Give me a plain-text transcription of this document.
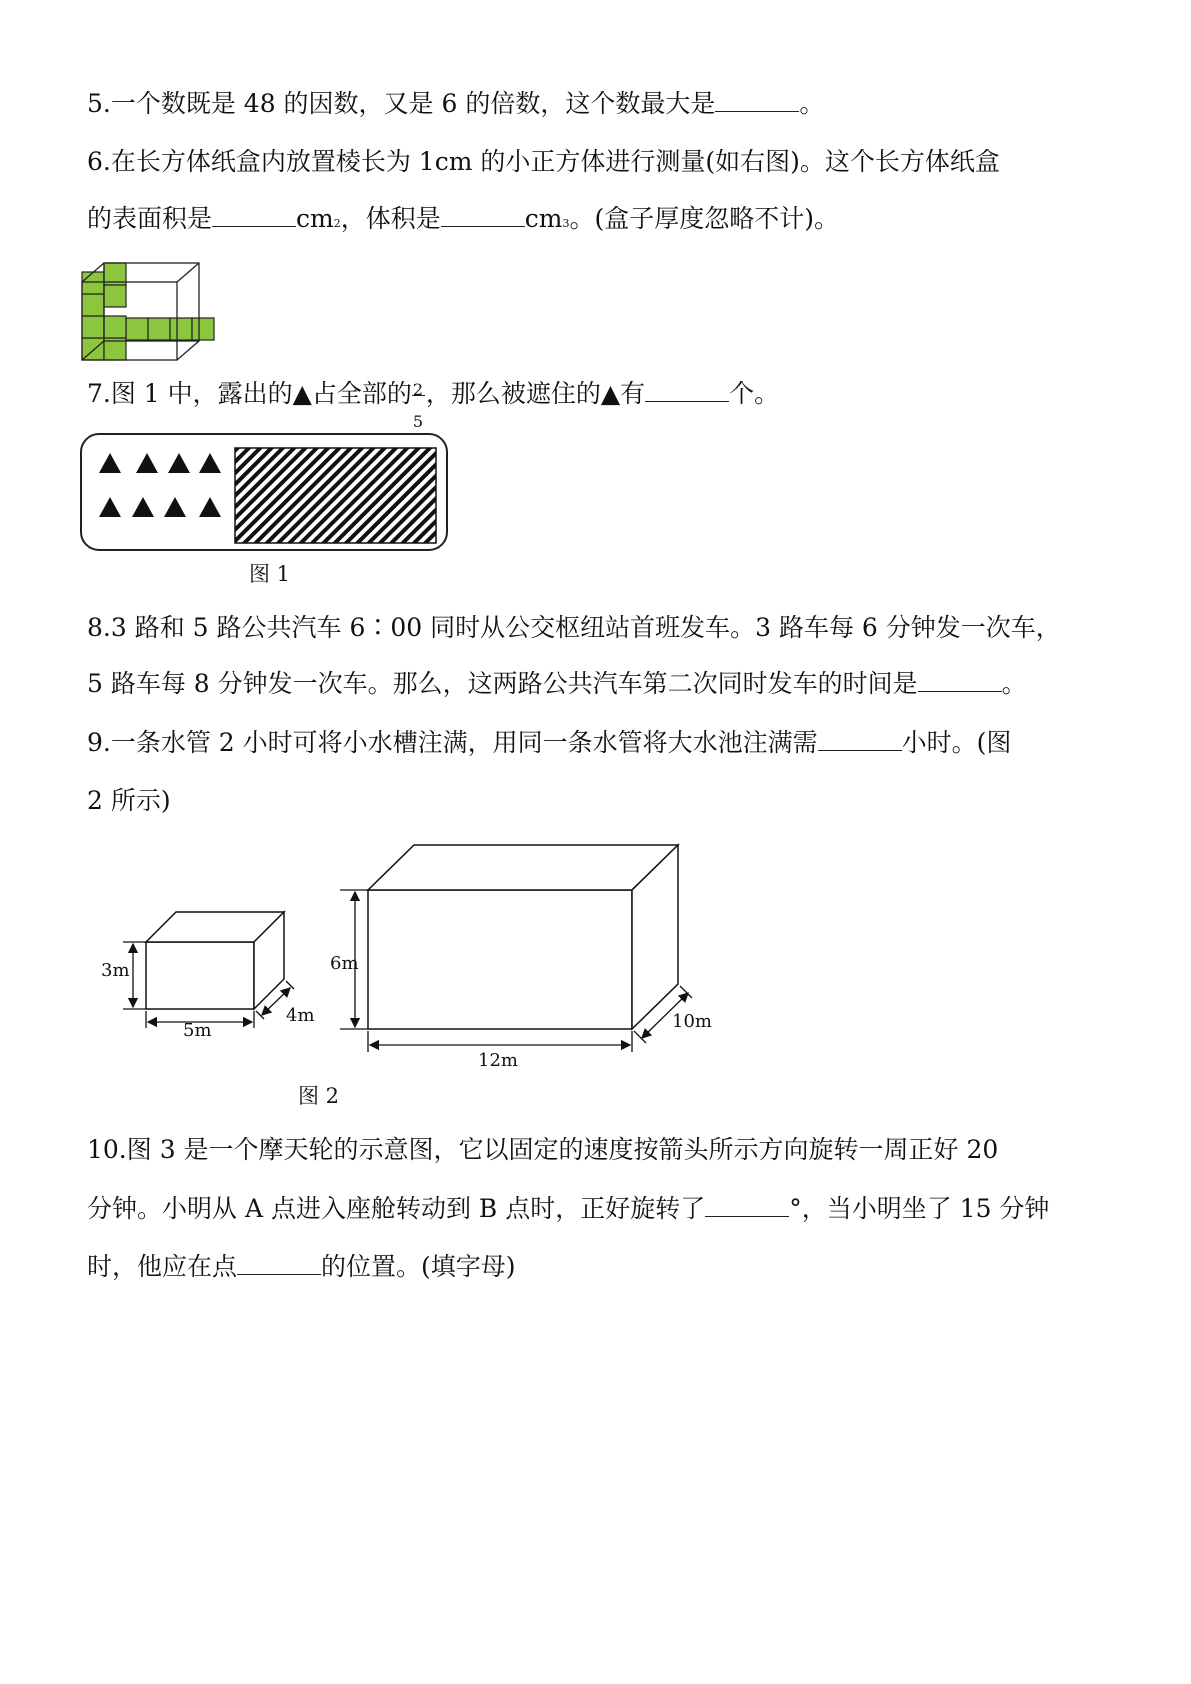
5.一个数既是 48 的因数，又是 6 的倍数，这个数最大是	。
6.在长方体纸盒内放置棱长为 1cm 的小正方体进行测量(如右图)。这个长方体纸盒
的表面积是	cm2，体积是	cm3。(盒子厚度忽略不计)。
7.图 1 中，露出的▲占全部的 $\frac{2}{5}$ ，那么被遮住的▲有	个。
图 1
8.3 路和 5 路公共汽车 6∶00 同时从公交枢纽站首班发车。3 路车每 6 分钟发一次车，
5 路车每 8 分钟发一次车。那么，这两路公共汽车第二次同时发车的时间是	。
9.一条水管 2 小时可将小水槽注满，用同一条水管将大水池注满需	小时。(图
2 所示)
3m
5m
4m
6m
12m
10m
图 2
10.图 3 是一个摩天轮的示意图，它以固定的速度按箭头所示方向旋转一周正好 20
分钟。小明从 A 点进入座舱转动到 B 点时，正好旋转了	°，当小明坐了 15 分钟
时，他应在点	的位置。(填字母)
